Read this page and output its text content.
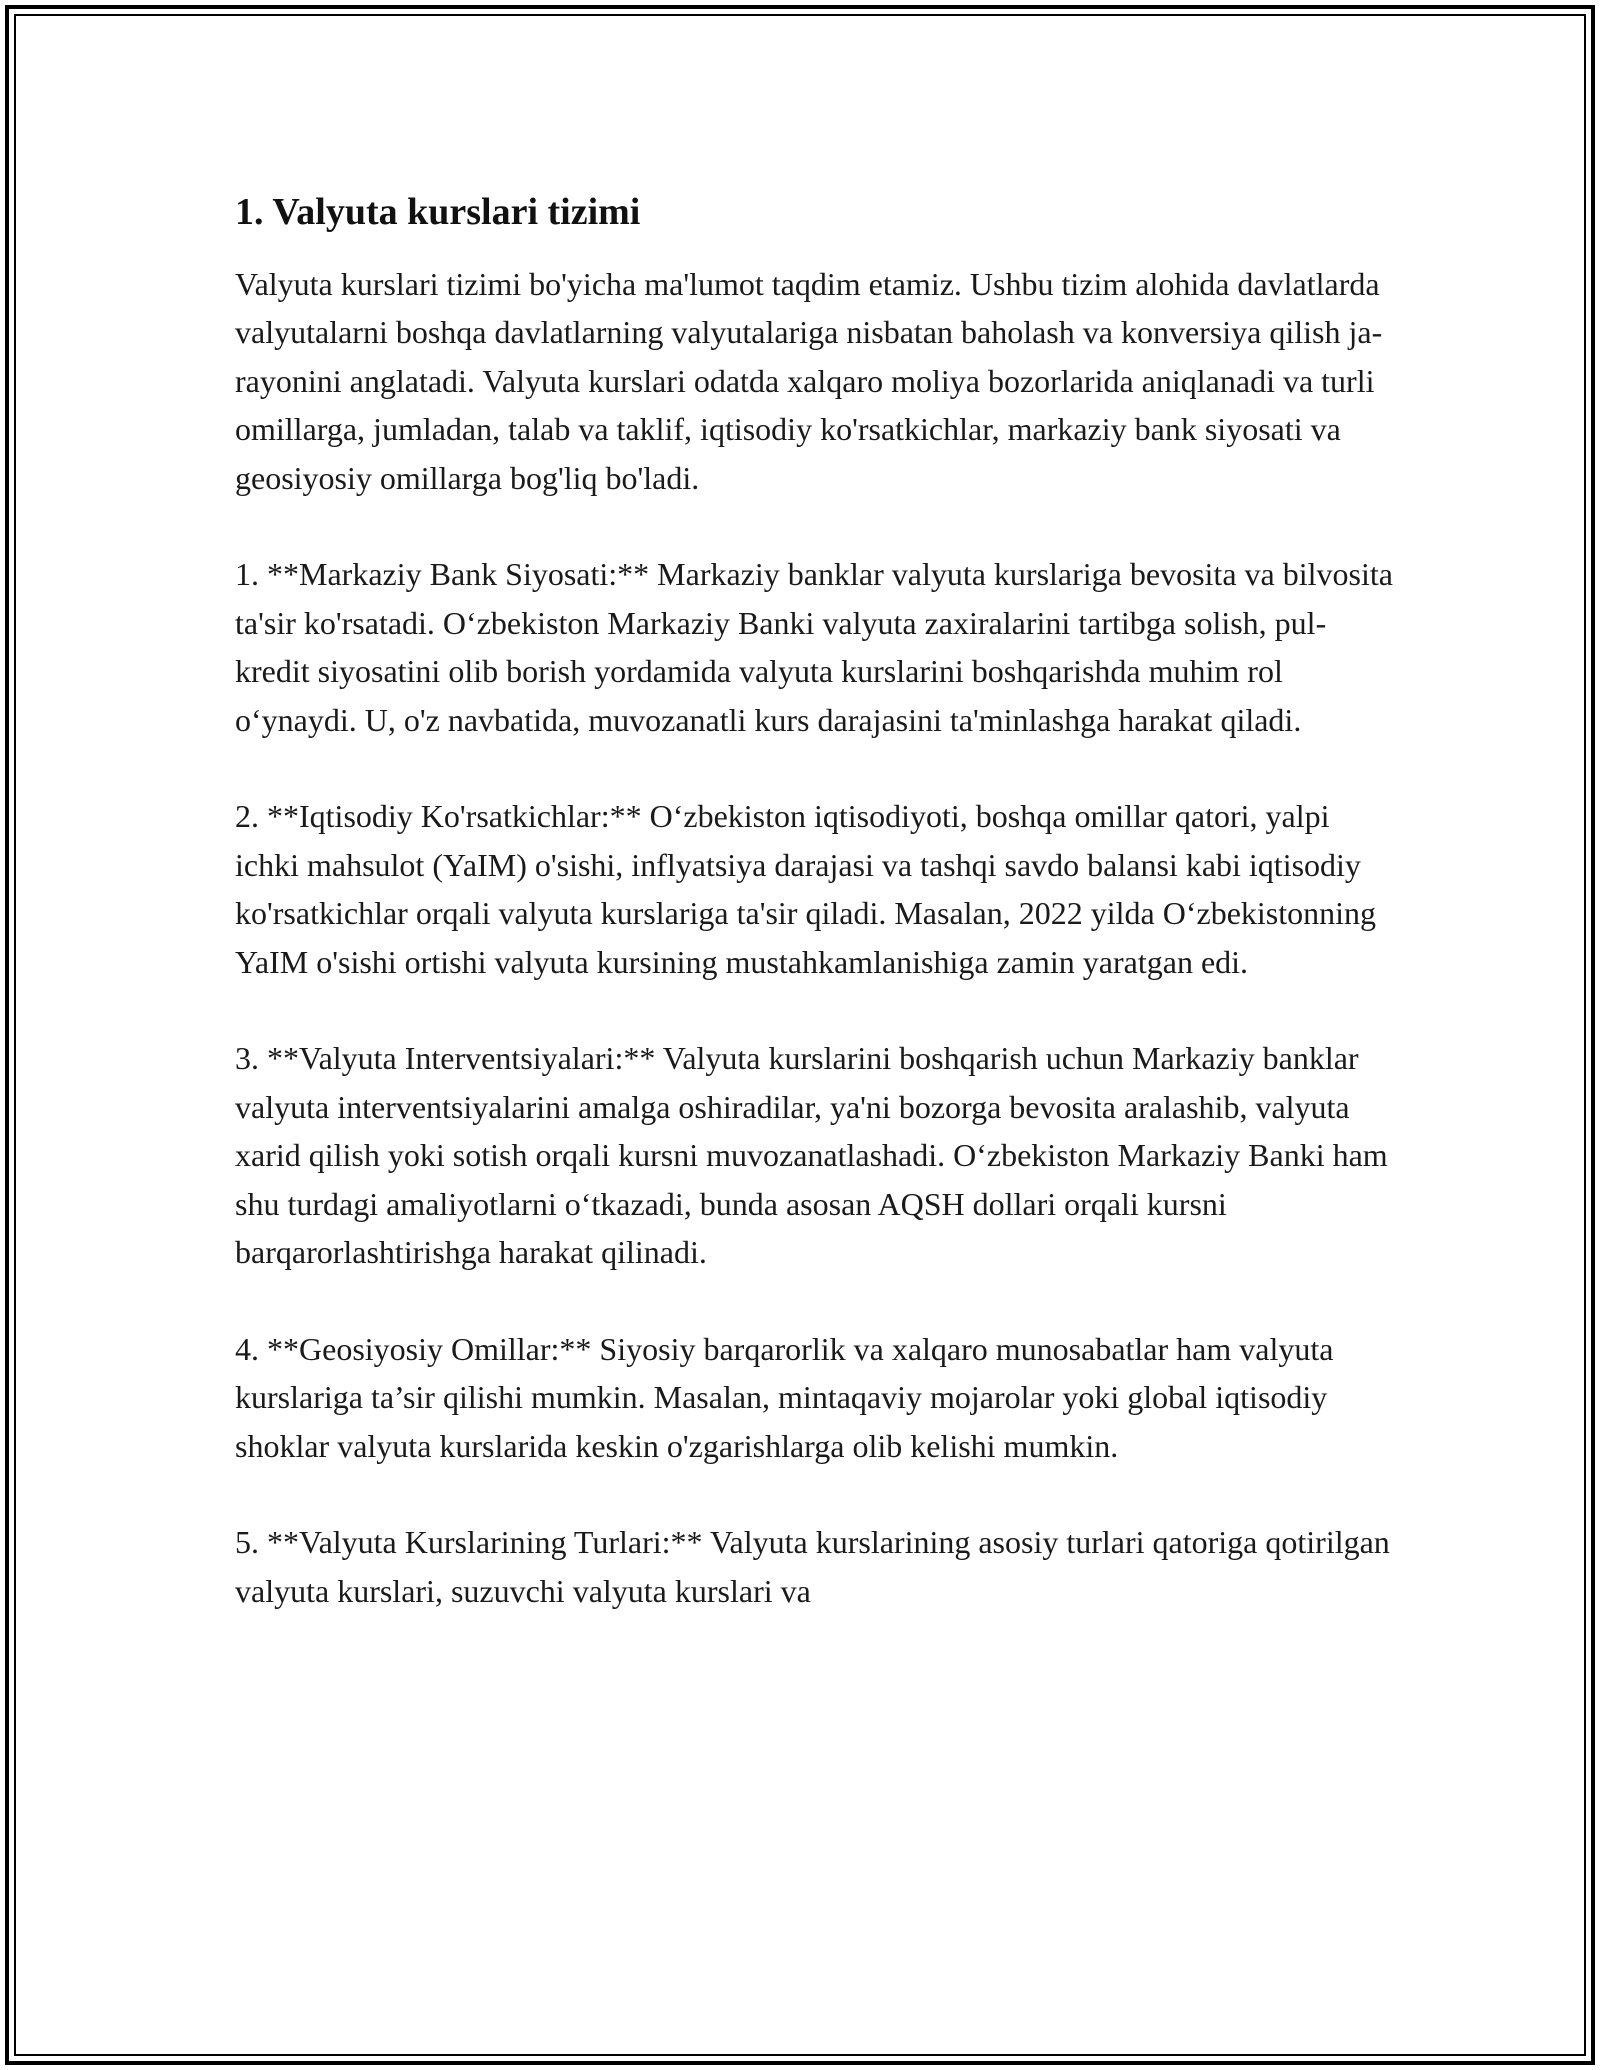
1. Valyuta kurslari tizimi

Valyuta kurslari tizimi bo'yicha ma'lumot taqdim etamiz. Ushbu tizim alohida davlatlarda valyutalarni boshqa davlatlarning valyutalariga nisbatan baholash va konversiya qilish ja-rayonini anglatadi. Valyuta kurslari odatda xalqaro moliya bozorlarida aniqlanadi va turli omillarga, jumladan, talab va taklif, iqtisodiy ko'rsatkichlar, markaziy bank siyosati va geosiyosiy omillarga bog'liq bo'ladi.

1. **Markaziy Bank Siyosati:** Markaziy banklar valyuta kurslariga bevosita va bilvosita ta'sir ko'rsatadi. Oʻzbekiston Markaziy Banki valyuta zaxiralarini tartibga solish, pul-kredit siyosatini olib borish yordamida valyuta kurslarini boshqarishda muhim rol oʻynaydi. U, o'z navbatida, muvozanatli kurs darajasini ta'minlashga harakat qiladi.

2. **Iqtisodiy Ko'rsatkichlar:** Oʻzbekiston iqtisodiyoti, boshqa omillar qatori, yalpi ichki mahsulot (YaIM) o'sishi, inflyatsiya darajasi va tashqi savdo balansi kabi iqtisodiy ko'rsatkichlar orqali valyuta kurslariga ta'sir qiladi. Masalan, 2022 yilda Oʻzbekistonning YaIM o'sishi ortishi valyuta kursining mustahkamlanishiga zamin yaratgan edi.

3. **Valyuta Interventsiyalari:** Valyuta kurslarini boshqarish uchun Markaziy banklar valyuta interventsiyalarini amalga oshiradilar, ya'ni bozorga bevosita aralashib, valyuta xarid qilish yoki sotish orqali kursni muvozanatlashadi. Oʻzbekiston Markaziy Banki ham shu turdagi amaliyotlarni oʻtkazadi, bunda asosan AQSH dollari orqali kursni barqarorlashtirishga harakat qilinadi.

4. **Geosiyosiy Omillar:** Siyosiy barqarorlik va xalqaro munosabatlar ham valyuta kurslariga ta’sir qilishi mumkin. Masalan, mintaqaviy mojarolar yoki global iqtisodiy shoklar valyuta kurslarida keskin o'zgarishlarga olib kelishi mumkin.

5. **Valyuta Kurslarining Turlari:** Valyuta kurslarining asosiy turlari qatoriga qotirilgan valyuta kurslari, suzuvchi valyuta kurslari va
